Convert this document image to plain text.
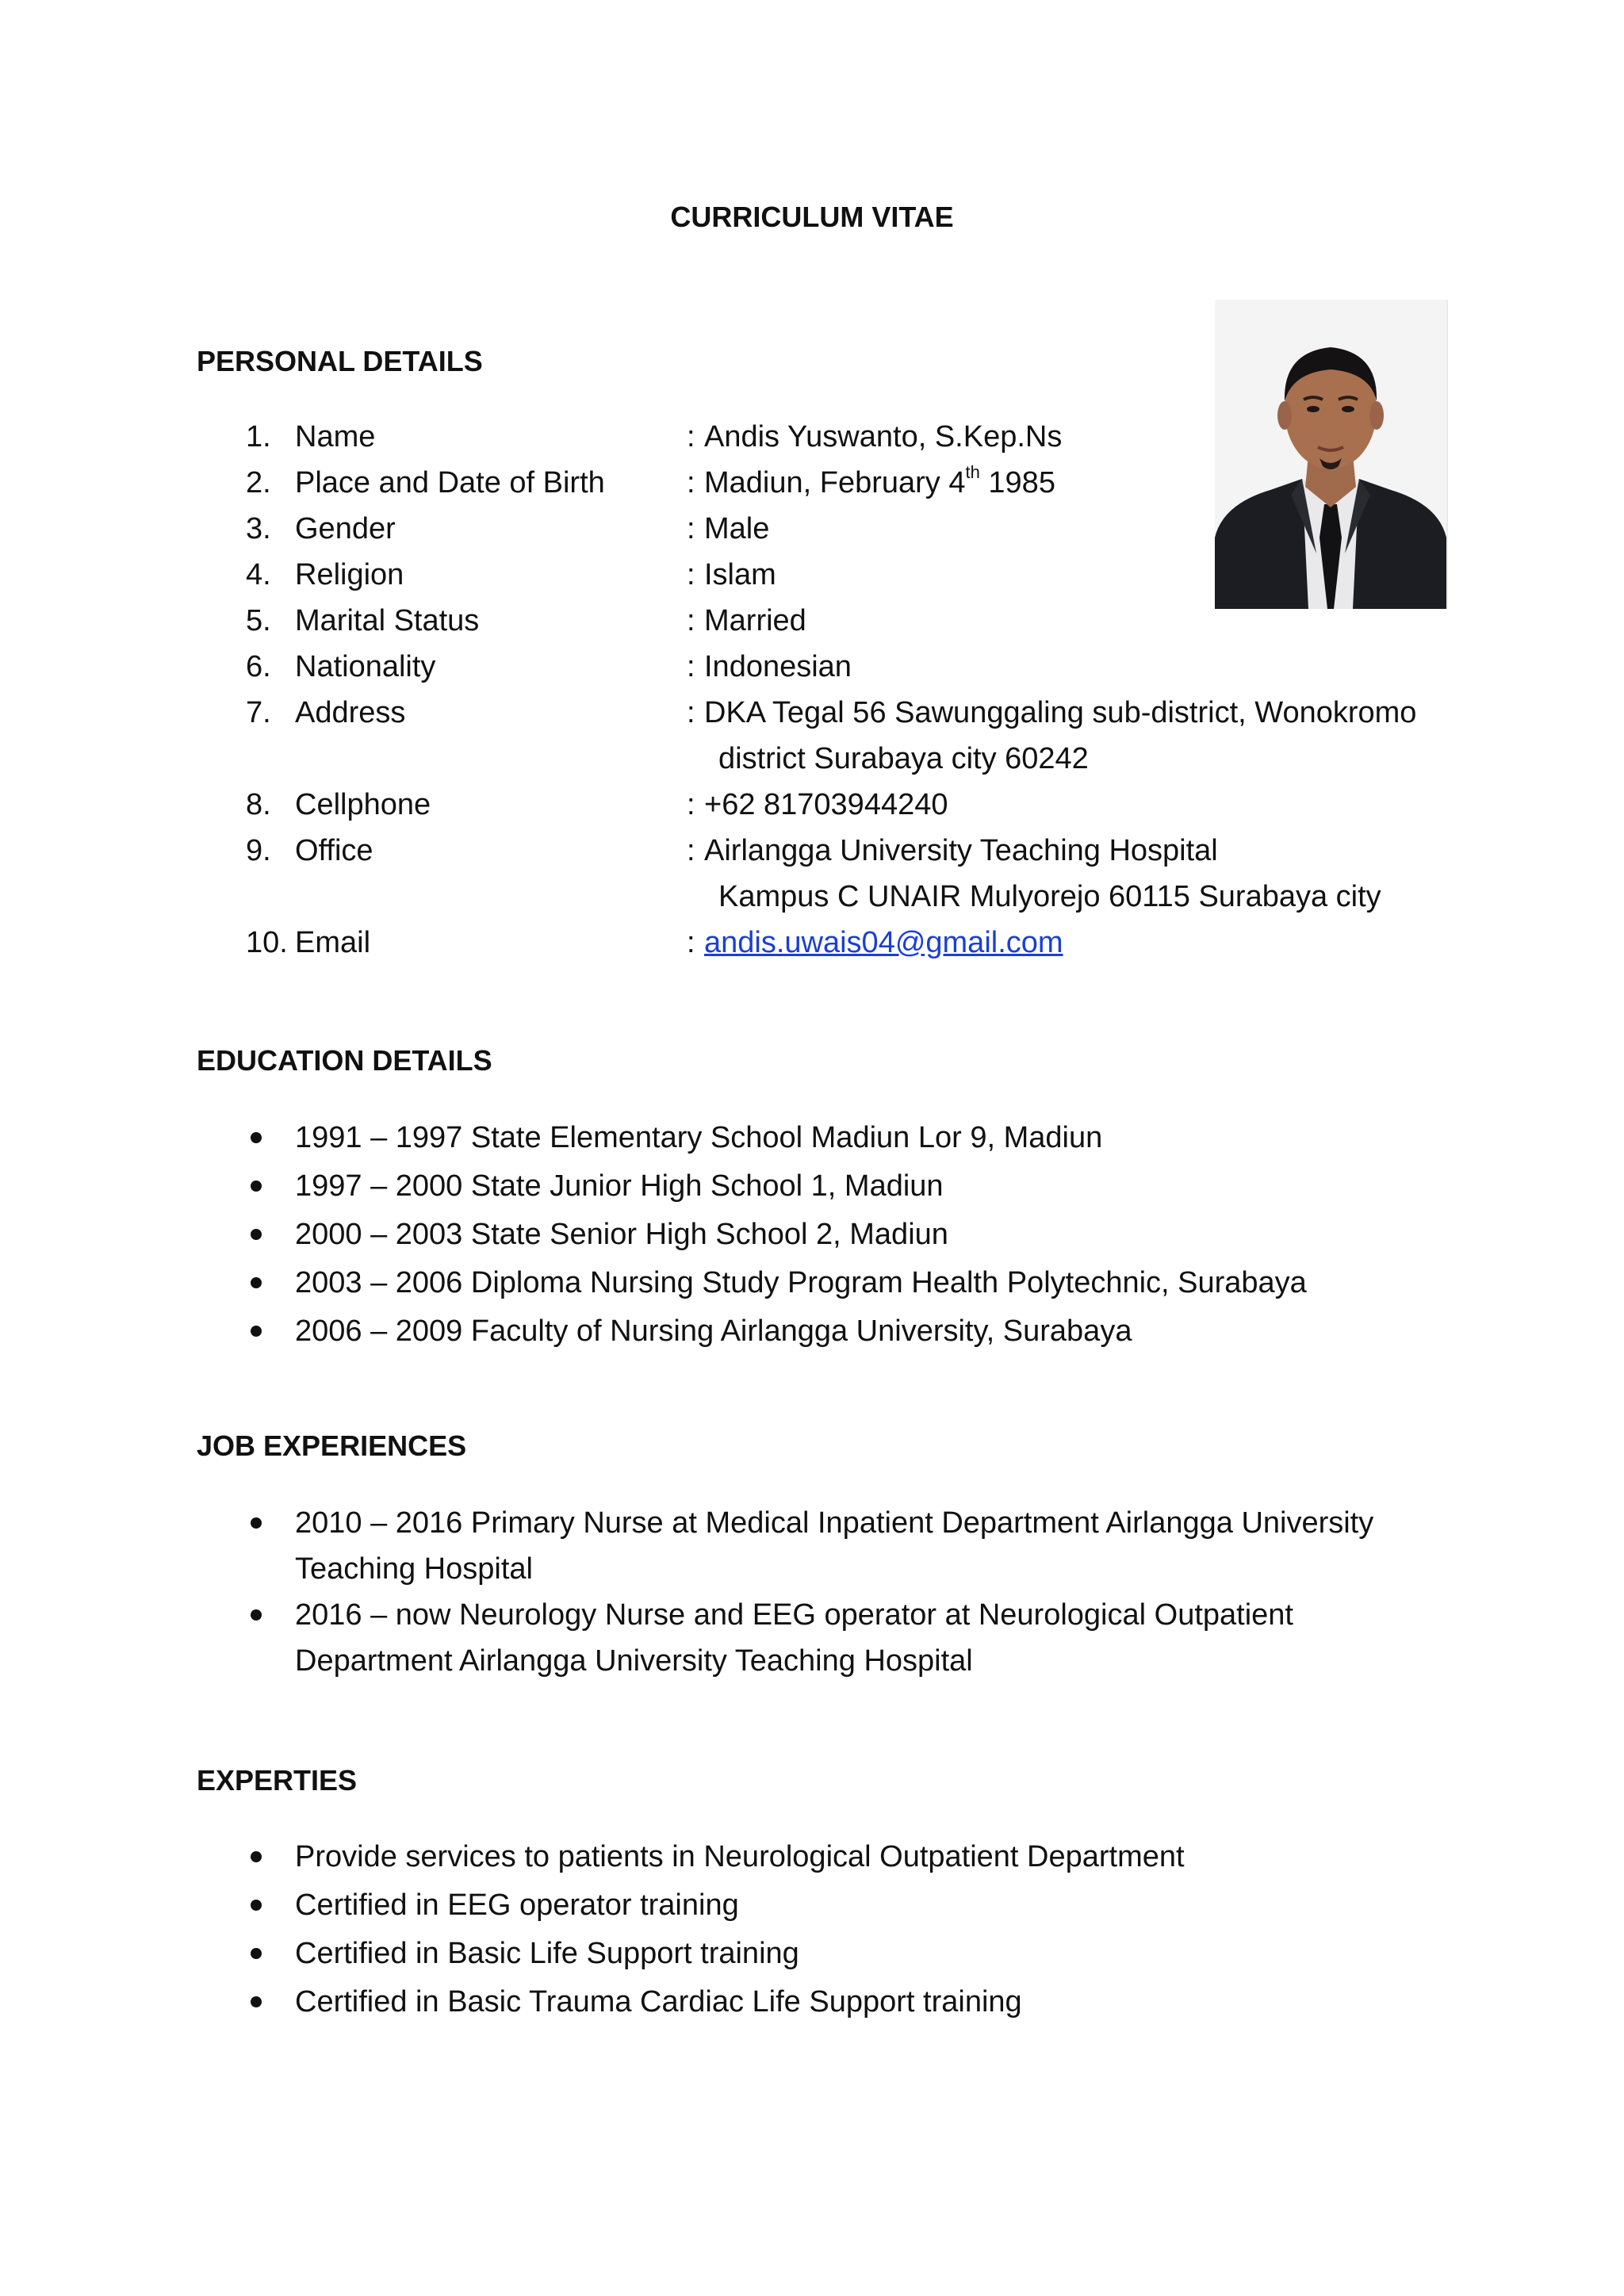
CURRICULUM VITAE
PERSONAL DETAILS
1. Name	: Andis Yuswanto, S.Kep.Ns
2. Place and Date of Birth	: Madiun, February 4th 1985
3. Gender	: Male
4. Religion	: Islam
5. Marital Status	: Married
6. Nationality	: Indonesian
7. Address	: DKA Tegal 56 Sawunggaling sub-district, Wonokromo
district Surabaya city 60242
8. Cellphone	: +62 81703944240
9. Office	: Airlangga University Teaching Hospital
Kampus C UNAIR Mulyorejo 60115 Surabaya city
10. Email	: andis.uwais04@gmail.com
EDUCATION DETAILS
1991 – 1997 State Elementary School Madiun Lor 9, Madiun
1997 – 2000 State Junior High School 1, Madiun
2000 – 2003 State Senior High School 2, Madiun
2003 – 2006 Diploma Nursing Study Program Health Polytechnic, Surabaya
2006 – 2009 Faculty of Nursing Airlangga University, Surabaya
JOB EXPERIENCES
2010 – 2016 Primary Nurse at Medical Inpatient Department Airlangga University
Teaching Hospital
2016 – now Neurology Nurse and EEG operator at Neurological Outpatient
Department Airlangga University Teaching Hospital
EXPERTIES
Provide services to patients in Neurological Outpatient Department
Certified in EEG operator training
Certified in Basic Life Support training
Certified in Basic Trauma Cardiac Life Support training
